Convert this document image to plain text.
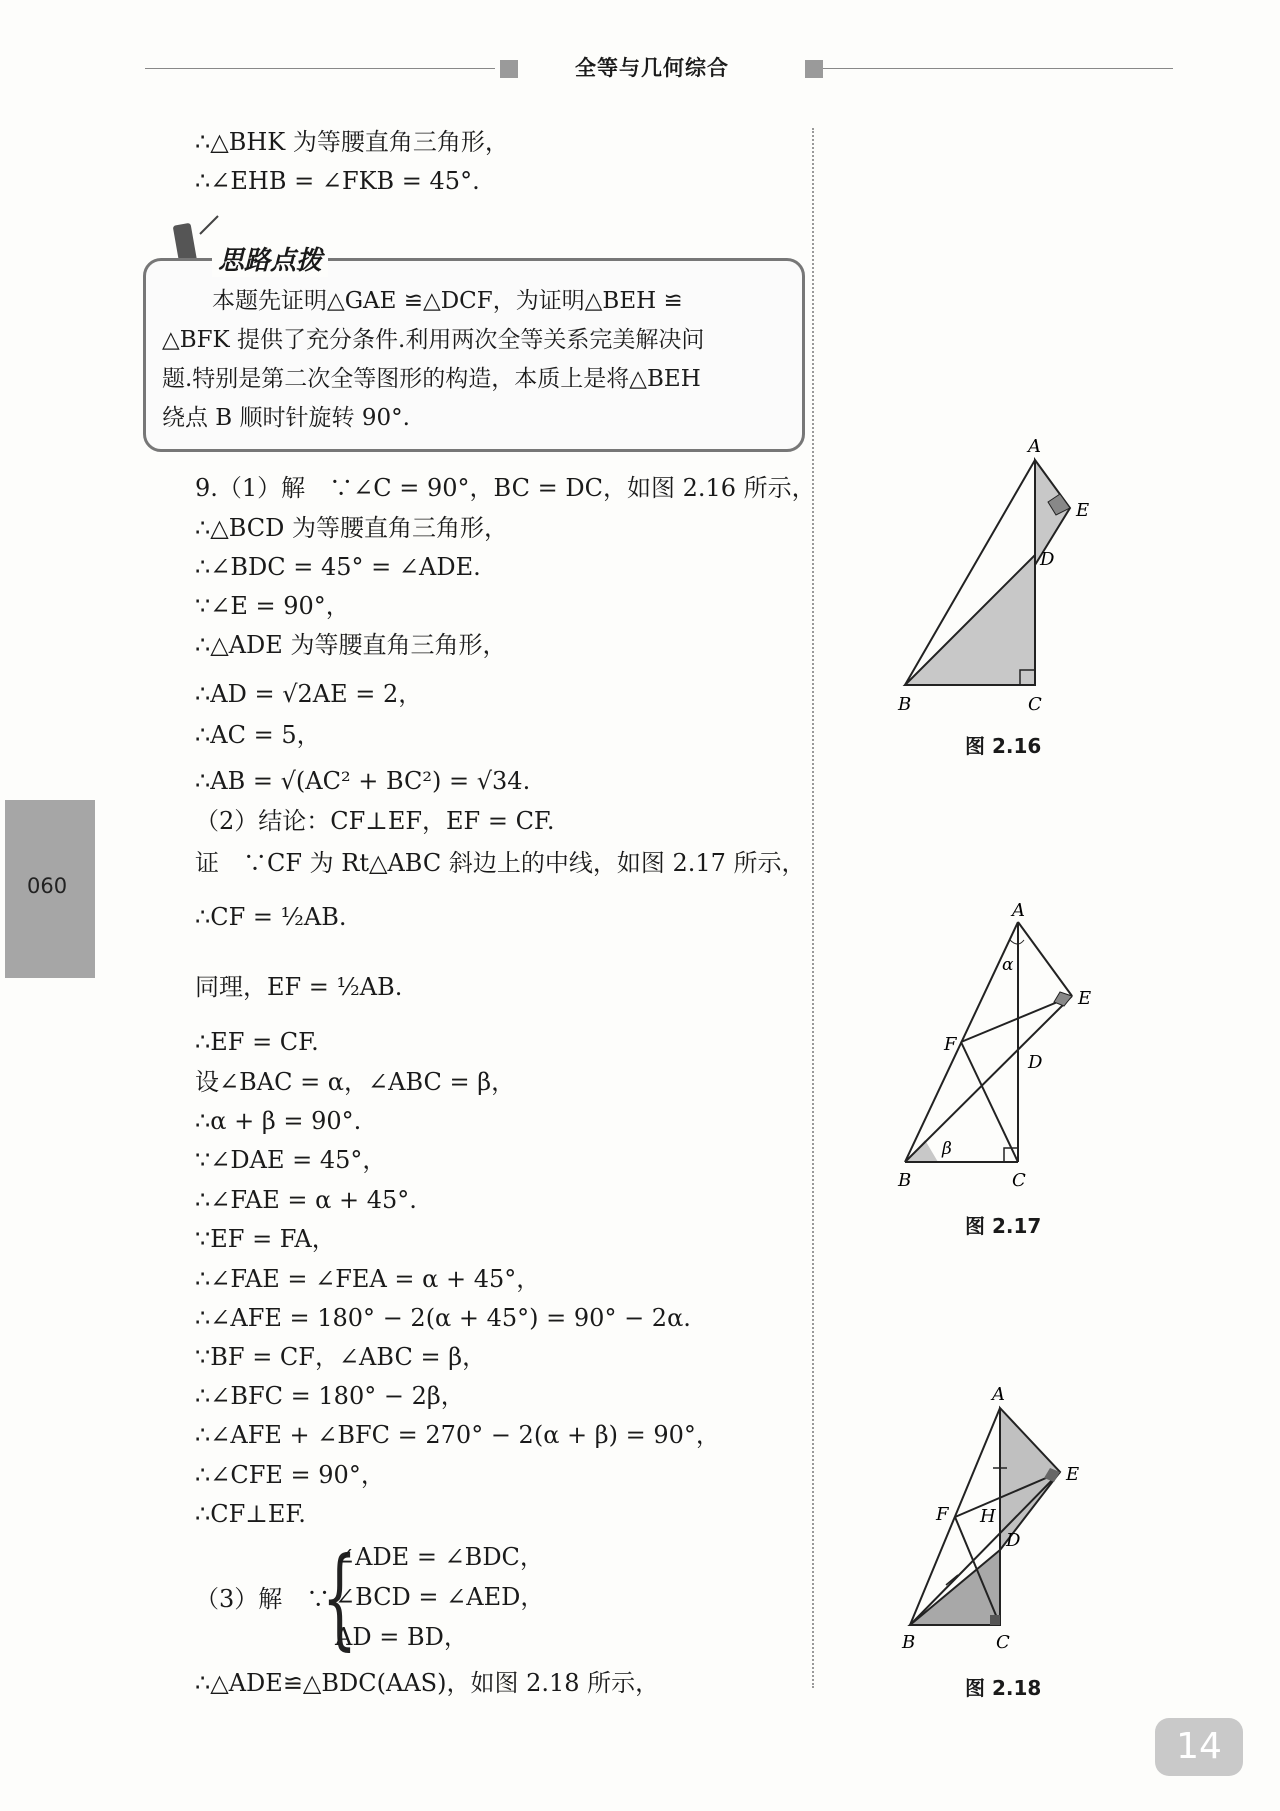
全等与几何综合
060
∴△BHK 为等腰直角三角形，
∴∠EHB = ∠FKB = 45°.
思路点拨
本题先证明△GAE ≌△DCF，为证明△BEH ≌
△BFK 提供了充分条件.利用两次全等关系完美解决问
题.特别是第二次全等图形的构造，本质上是将△BEH
绕点 B 顺时针旋转 90°.
9.（1）解　∵∠C = 90°，BC = DC，如图 2.16 所示，
∴△BCD 为等腰直角三角形，
∴∠BDC = 45° = ∠ADE.
∵∠E = 90°，
∴△ADE 为等腰直角三角形，
∴AD = √2AE = 2，
∴AC = 5，
∴AB = √(AC² + BC²) = √34.
（2）结论：CF⊥EF，EF = CF.
证　∵CF 为 Rt△ABC 斜边上的中线，如图 2.17 所示，
∴CF = ½AB.
同理，EF = ½AB.
∴EF = CF.
设∠BAC = α，∠ABC = β，
∴α + β = 90°.
∵∠DAE = 45°，
∴∠FAE = α + 45°.
∵EF = FA，
∴∠FAE = ∠FEA = α + 45°，
∴∠AFE = 180° − 2(α + 45°) = 90° − 2α.
∵BF = CF，∠ABC = β，
∴∠BFC = 180° − 2β，
∴∠AFE + ∠BFC = 270° − 2(α + β) = 90°，
∴∠CFE = 90°，
∴CF⊥EF.
（3）解　∵
{
∠ADE = ∠BDC，
∠BCD = ∠AED，
AD = BD，
∴△ADE≌△BDC(AAS)，如图 2.18 所示，
A
E
D
B	C
图 2.16
A
α
E
F
D
β
B	C
图 2.17
A
E
F H
D
B	C
图 2.18
14
